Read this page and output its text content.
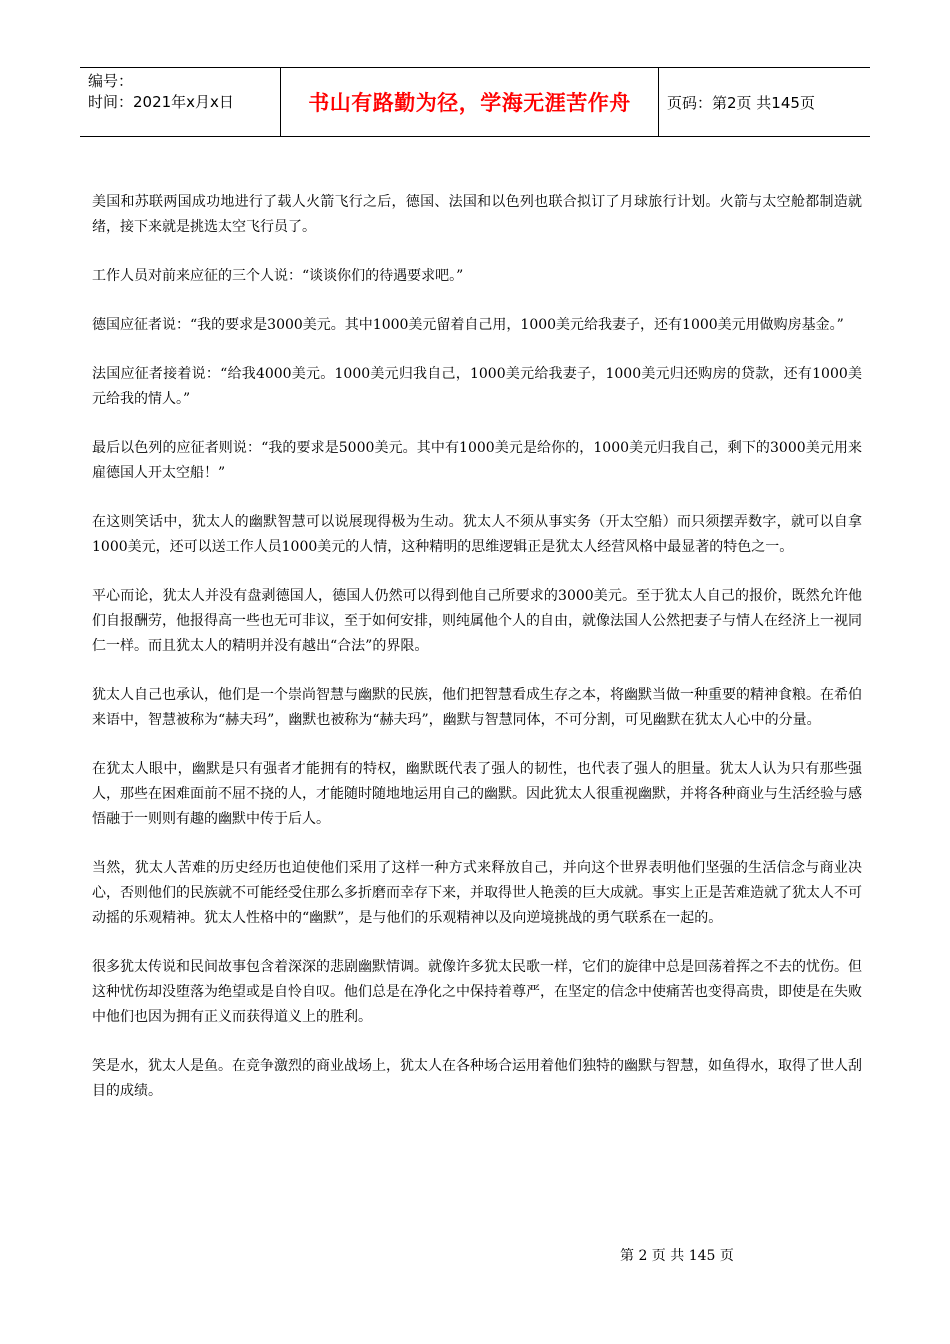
编号：
时间：2021年x月x日	书山有路勤为径，学海无涯苦作舟	页码：第2页 共145页

美国和苏联两国成功地进行了载人火箭飞行之后，德国、法国和以色列也联合拟订了月球旅行计划。火箭与太空舱都制造就绪，接下来就是挑选太空飞行员了。

工作人员对前来应征的三个人说：“谈谈你们的待遇要求吧。”

德国应征者说：“我的要求是3000美元。其中1000美元留着自己用，1000美元给我妻子，还有1000美元用做购房基金。”

法国应征者接着说：“给我4000美元。1000美元归我自己，1000美元给我妻子，1000美元归还购房的贷款，还有1000美元给我的情人。”

最后以色列的应征者则说：“我的要求是5000美元。其中有1000美元是给你的，1000美元归我自己，剩下的3000美元用来雇德国人开太空船！”

在这则笑话中，犹太人的幽默智慧可以说展现得极为生动。犹太人不须从事实务（开太空船）而只须摆弄数字，就可以自拿1000美元，还可以送工作人员1000美元的人情，这种精明的思维逻辑正是犹太人经营风格中最显著的特色之一。

平心而论，犹太人并没有盘剥德国人，德国人仍然可以得到他自己所要求的3000美元。至于犹太人自己的报价，既然允许他们自报酬劳，他报得高一些也无可非议，至于如何安排，则纯属他个人的自由，就像法国人公然把妻子与情人在经济上一视同仁一样。而且犹太人的精明并没有越出“合法”的界限。

犹太人自己也承认，他们是一个崇尚智慧与幽默的民族，他们把智慧看成生存之本，将幽默当做一种重要的精神食粮。在希伯来语中，智慧被称为“赫夫玛”，幽默也被称为“赫夫玛”，幽默与智慧同体，不可分割，可见幽默在犹太人心中的分量。

在犹太人眼中，幽默是只有强者才能拥有的特权，幽默既代表了强人的韧性，也代表了强人的胆量。犹太人认为只有那些强人，那些在困难面前不屈不挠的人，才能随时随地地运用自己的幽默。因此犹太人很重视幽默，并将各种商业与生活经验与感悟融于一则则有趣的幽默中传于后人。

当然，犹太人苦难的历史经历也迫使他们采用了这样一种方式来释放自己，并向这个世界表明他们坚强的生活信念与商业决心，否则他们的民族就不可能经受住那么多折磨而幸存下来，并取得世人艳羡的巨大成就。事实上正是苦难造就了犹太人不可动摇的乐观精神。犹太人性格中的“幽默”，是与他们的乐观精神以及向逆境挑战的勇气联系在一起的。

很多犹太传说和民间故事包含着深深的悲剧幽默情调。就像许多犹太民歌一样，它们的旋律中总是回荡着挥之不去的忧伤。但这种忧伤却没堕落为绝望或是自怜自叹。他们总是在净化之中保持着尊严，在坚定的信念中使痛苦也变得高贵，即使是在失败中他们也因为拥有正义而获得道义上的胜利。

笑是水，犹太人是鱼。在竞争激烈的商业战场上，犹太人在各种场合运用着他们独特的幽默与智慧，如鱼得水，取得了世人刮目的成绩。

第 2 页 共 145 页
